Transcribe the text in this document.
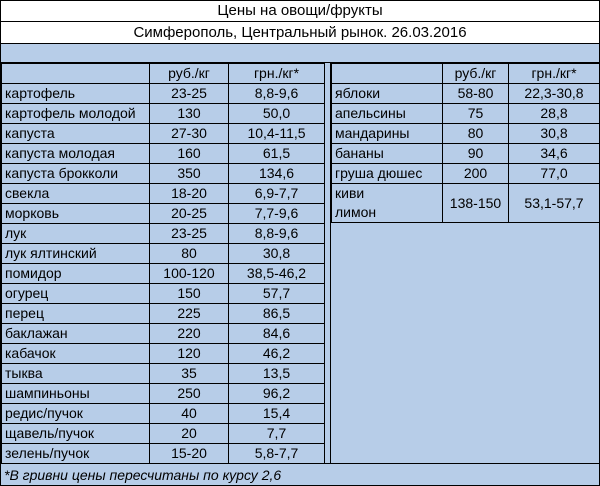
Цены на овощи/фрукты
Симферополь, Центральный рынок. 26.03.2016
	руб./кг	грн./кг*
картофель	23-25	8,8-9,6
картофель молодой	130	50,0
капуста	27-30	10,4-11,5
капуста молодая	160	61,5
капуста брокколи	350	134,6
свекла	18-20	6,9-7,7
морковь	20-25	7,7-9,6
лук	23-25	8,8-9,6
лук ялтинский	80	30,8
помидор	100-120	38,5-46,2
огурец	150	57,7
перец	225	86,5
баклажан	220	84,6
кабачок	120	46,2
тыква	35	13,5
шампиньоны	250	96,2
редис/пучок	40	15,4
щавель/пучок	20	7,7
зелень/пучок	15-20	5,8-7,7
	руб./кг	грн./кг*
яблоки	58-80	22,3-30,8
апельсины	75	28,8
мандарины	80	30,8
бананы	90	34,6
груша дюшес	200	77,0
киви	138-150	53,1-57,7
лимон		
*В гривни цены пересчитаны по курсу 2,6
